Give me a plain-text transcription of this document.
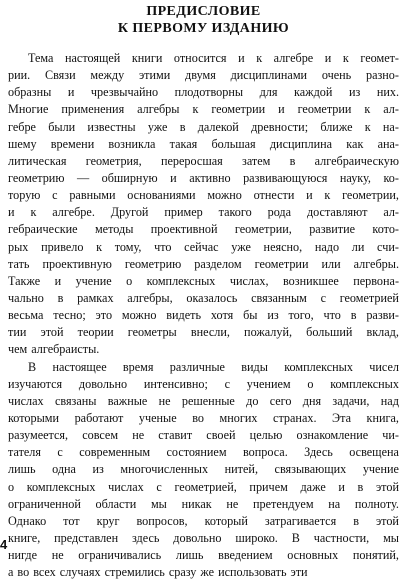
ПРЕДИСЛОВИЕ
К ПЕРВОМУ ИЗДАНИЮ
Тема настоящей книги относится и к алгебре и к геомет-
рии. Связи между этими двумя дисциплинами очень разно-
образны и чрезвычайно плодотворны для каждой из них.
Многие применения алгебры к геометрии и геометрии к ал-
гебре были известны уже в далекой древности; ближе к на-
шему времени возникла такая большая дисциплина как ана-
литическая геометрия, переросшая затем в алгебраическую
геометрию — обширную и активно развивающуюся науку, ко-
торую с равными основаниями можно отнести и к геометрии,
и к алгебре. Другой пример такого рода доставляют ал-
гебраические методы проективной геометрии, развитие кото-
рых привело к тому, что сейчас уже неясно, надо ли счи-
тать проективную геометрию разделом геометрии или алгебры.
Также и учение о комплексных числах, возникшее первона-
чально в рамках алгебры, оказалось связанным с геометрией
весьма тесно; это можно видеть хотя бы из того, что в разви-
тии этой теории геометры внесли, пожалуй, больший вклад,
чем алгебраисты.
В настоящее время различные виды комплексных чисел
изучаются довольно интенсивно; с учением о комплексных
числах связаны важные не решенные до сего дня задачи, над
которыми работают ученые во многих странах. Эта книга,
разумеется, совсем не ставит своей целью ознакомление чи-
тателя с современным состоянием вопроса. Здесь освещена
лишь одна из многочисленных нитей, связывающих учение
о комплексных числах с геометрией, причем даже и в этой
ограниченной области мы никак не претендуем на полноту.
Однако тот круг вопросов, который затрагивается в этой
книге, представлен здесь довольно широко. В частности, мы
нигде не ограничивались лишь введением основных понятий,
а во всех случаях стремились сразу же использовать эти
4
